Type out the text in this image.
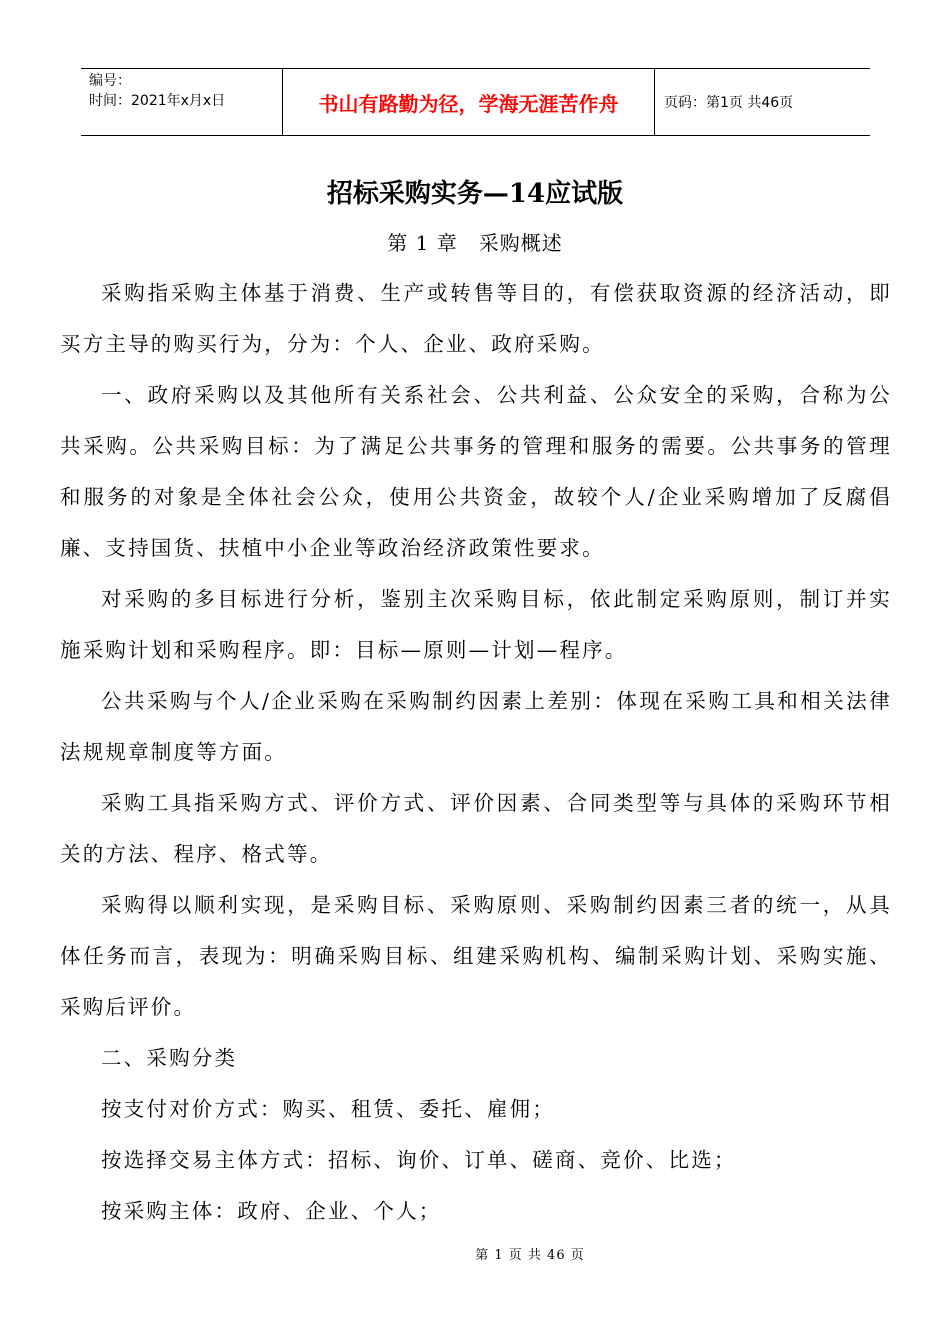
编号：
时间：2021年x月x日	书山有路勤为径，学海无涯苦作舟	页码：第1页 共46页
招标采购实务—14应试版
第 1 章　采购概述

采购指采购主体基于消费、生产或转售等目的，有偿获取资源的经济活动，即买方主导的购买行为，分为：个人、企业、政府采购。

一、政府采购以及其他所有关系社会、公共利益、公众安全的采购，合称为公共采购。公共采购目标：为了满足公共事务的管理和服务的需要。公共事务的管理和服务的对象是全体社会公众，使用公共资金，故较个人/企业采购增加了反腐倡廉、支持国货、扶植中小企业等政治经济政策性要求。

对采购的多目标进行分析，鉴别主次采购目标，依此制定采购原则，制订并实施采购计划和采购程序。即：目标—原则—计划—程序。

公共采购与个人/企业采购在采购制约因素上差别：体现在采购工具和相关法律法规规章制度等方面。

采购工具指采购方式、评价方式、评价因素、合同类型等与具体的采购环节相关的方法、程序、格式等。

采购得以顺利实现，是采购目标、采购原则、采购制约因素三者的统一，从具体任务而言，表现为：明确采购目标、组建采购机构、编制采购计划、采购实施、采购后评价。

二、采购分类

按支付对价方式：购买、租赁、委托、雇佣；

按选择交易主体方式：招标、询价、订单、磋商、竞价、比选；

按采购主体：政府、企业、个人；

第 1 页 共 46 页
